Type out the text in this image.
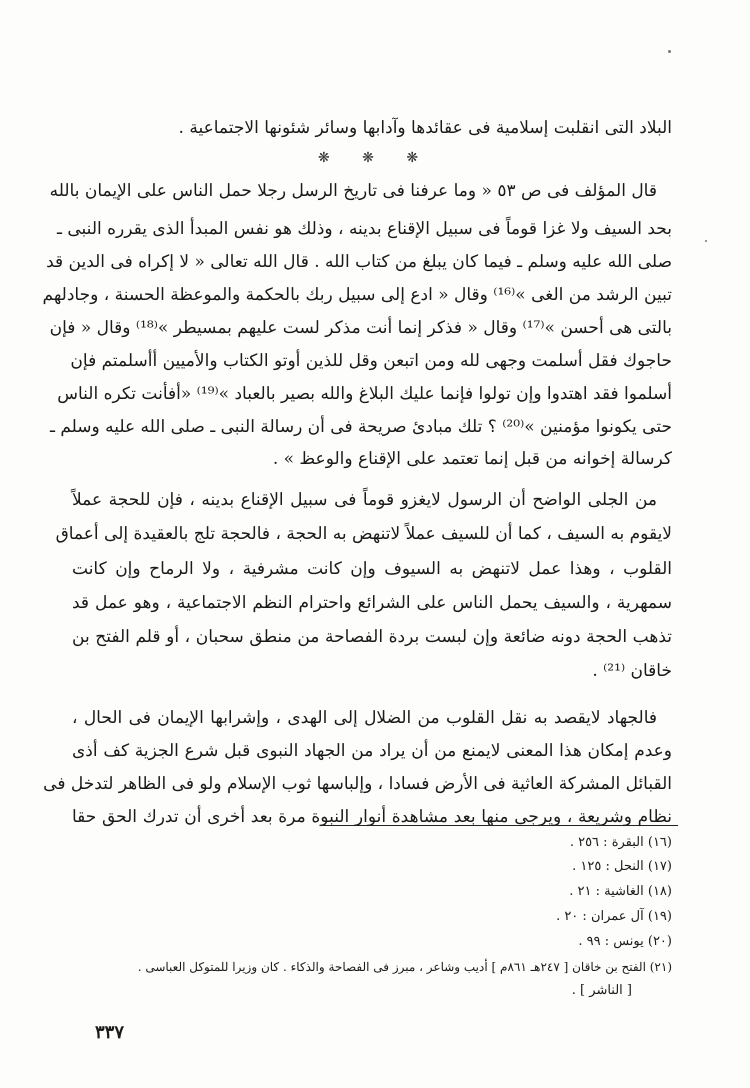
البلاد التى انقلبت إسلامية فى عقائدها وآدابها وسائر شئونها الاجتماعية .
❋ ❋ ❋
قال المؤلف فى ص ٥٣ « وما عرفنا فى تاريخ الرسل رجلا حمل الناس على الإيمان بالله
بحد السيف ولا غزا قوماً فى سبيل الإقناع بدينه ، وذلك هو نفس المبدأ الذى يقرره النبى ـ
صلى الله عليه وسلم ـ فيما كان يبلغ من كتاب الله . قال الله تعالى « لا إكراه فى الدين قد
تبين الرشد من الغى »⁽¹⁶⁾ وقال « ادع إلى سبيل ربك بالحكمة والموعظة الحسنة ، وجادلهم
بالتى هى أحسن »⁽¹⁷⁾ وقال « فذكر إنما أنت مذكر لست عليهم بمسيطر »⁽¹⁸⁾ وقال « فإن
حاجوك فقل أسلمت وجهى لله ومن اتبعن وقل للذين أوتو الكتاب والأميين أأسلمتم فإن
أسلموا فقد اهتدوا وإن تولوا فإنما عليك البلاغ والله بصير بالعباد »⁽¹⁹⁾ «أفأنت تكره الناس
حتى يكونوا مؤمنين »⁽²⁰⁾ ؟ تلك مبادئ صريحة فى أن رسالة النبى ـ صلى الله عليه وسلم ـ
كرسالة إخوانه من قبل إنما تعتمد على الإقناع والوعظ » .
من الجلى الواضح أن الرسول لايغزو قوماً فى سبيل الإقناع بدينه ، فإن للحجة عملاً
لايقوم به السيف ، كما أن للسيف عملاً لاتنهض به الحجة ، فالحجة تلج بالعقيدة إلى أعماق
القلوب ، وهذا عمل لاتنهض به السيوف وإن كانت مشرفية ، ولا الرماح وإن كانت
سمهرية ، والسيف يحمل الناس على الشرائع واحترام النظم الاجتماعية ، وهو عمل قد
تذهب الحجة دونه ضائعة وإن لبست بردة الفصاحة من منطق سحبان ، أو قلم الفتح بن
خاقان ⁽²¹⁾ .
فالجهاد لايقصد به نقل القلوب من الضلال إلى الهدى ، وإشرابها الإيمان فى الحال ،
وعدم إمكان هذا المعنى لايمنع من أن يراد من الجهاد النبوى قبل شرع الجزية كف أذى
القبائل المشركة العاثية فى الأرض فسادا ، وإلباسها ثوب الإسلام ولو فى الظاهر لتدخل فى
نظام وشريعة ، ويرجى منها بعد مشاهدة أنوار النبوة مرة بعد أخرى أن تدرك الحق حقا
(١٦) البقرة : ٢٥٦ .
(١٧) النحل : ١٢٥ .
(١٨) الغاشية : ٢١ .
(١٩) آل عمران : ٢٠ .
(٢٠) يونس : ٩٩ .
(٢١) الفتح بن خاقان [ ٢٤٧هـ ٨٦١م ] أديب وشاعر ، مبرز فى الفصاحة والذكاء . كان وزيرا للمتوكل العباسى .
[ الناشر ] .
٣٣٧
